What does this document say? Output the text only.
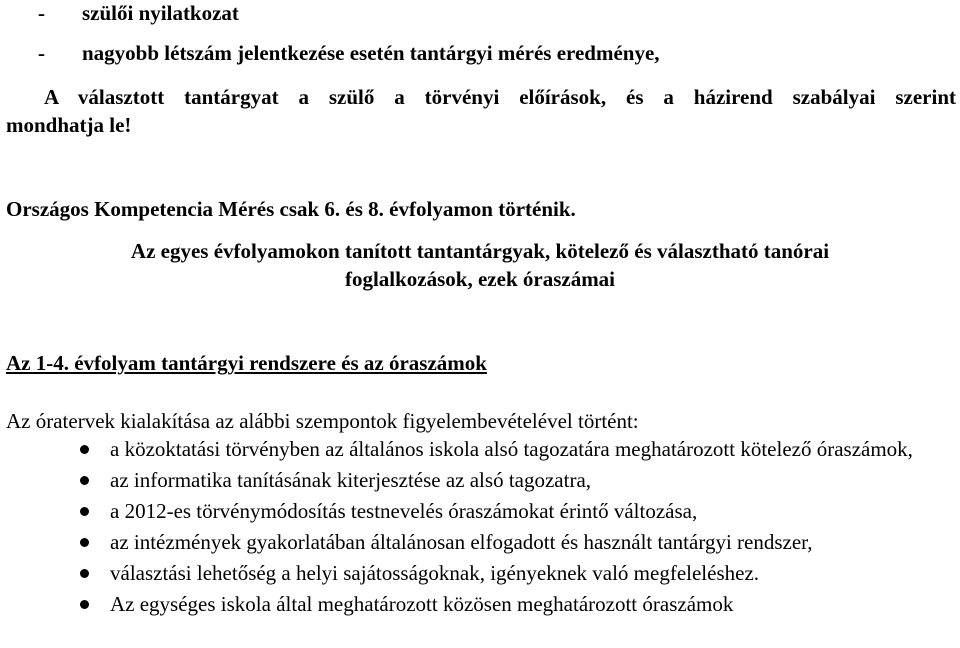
- szülői nyilatkozat
- nagyobb létszám jelentkezése esetén tantárgyi mérés eredménye,
A választott tantárgyat a szülő a törvényi előírások, és a házirend szabályai szerint
mondhatja le!
Országos Kompetencia Mérés csak 6. és 8. évfolyamon történik.
Az egyes évfolyamokon tanított tantantárgyak, kötelező és választható tanórai
foglalkozások, ezek óraszámai
Az 1-4. évfolyam tantárgyi rendszere és az óraszámok
Az óratervek kialakítása az alábbi szempontok figyelembevételével történt:
a közoktatási törvényben az általános iskola alsó tagozatára meghatározott kötelező óraszámok,
az informatika tanításának kiterjesztése az alsó tagozatra,
a 2012-es törvénymódosítás testnevelés óraszámokat érintő változása,
az intézmények gyakorlatában általánosan elfogadott és használt tantárgyi rendszer,
választási lehetőség a helyi sajátosságoknak, igényeknek való megfeleléshez.
Az egységes iskola által meghatározott közösen meghatározott óraszámok
